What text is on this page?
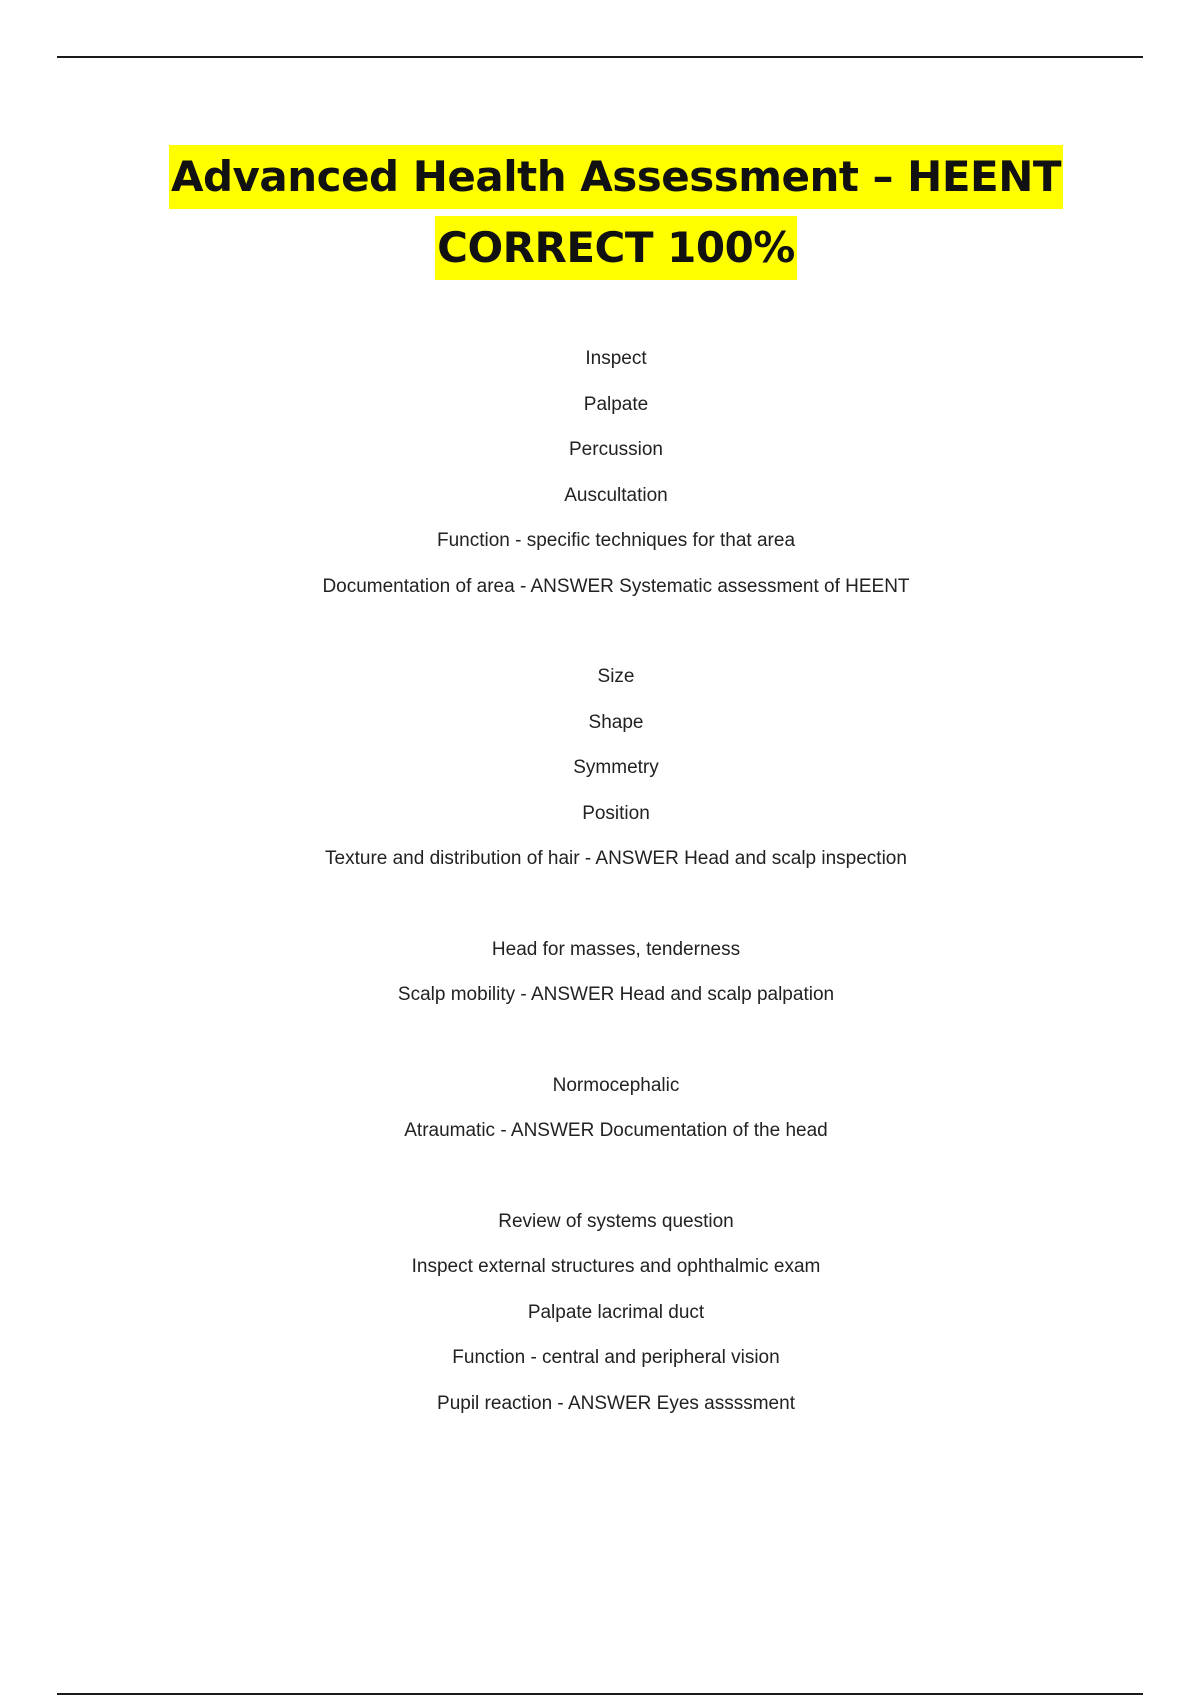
Advanced Health Assessment – HEENT
CORRECT 100%
Inspect
Palpate
Percussion
Auscultation
Function - specific techniques for that area
Documentation of area - ANSWER Systematic assessment of HEENT
Size
Shape
Symmetry
Position
Texture and distribution of hair - ANSWER Head and scalp inspection
Head for masses, tenderness
Scalp mobility - ANSWER Head and scalp palpation
Normocephalic
Atraumatic - ANSWER Documentation of the head
Review of systems question
Inspect external structures and ophthalmic exam
Palpate lacrimal duct
Function - central and peripheral vision
Pupil reaction - ANSWER Eyes assssment
